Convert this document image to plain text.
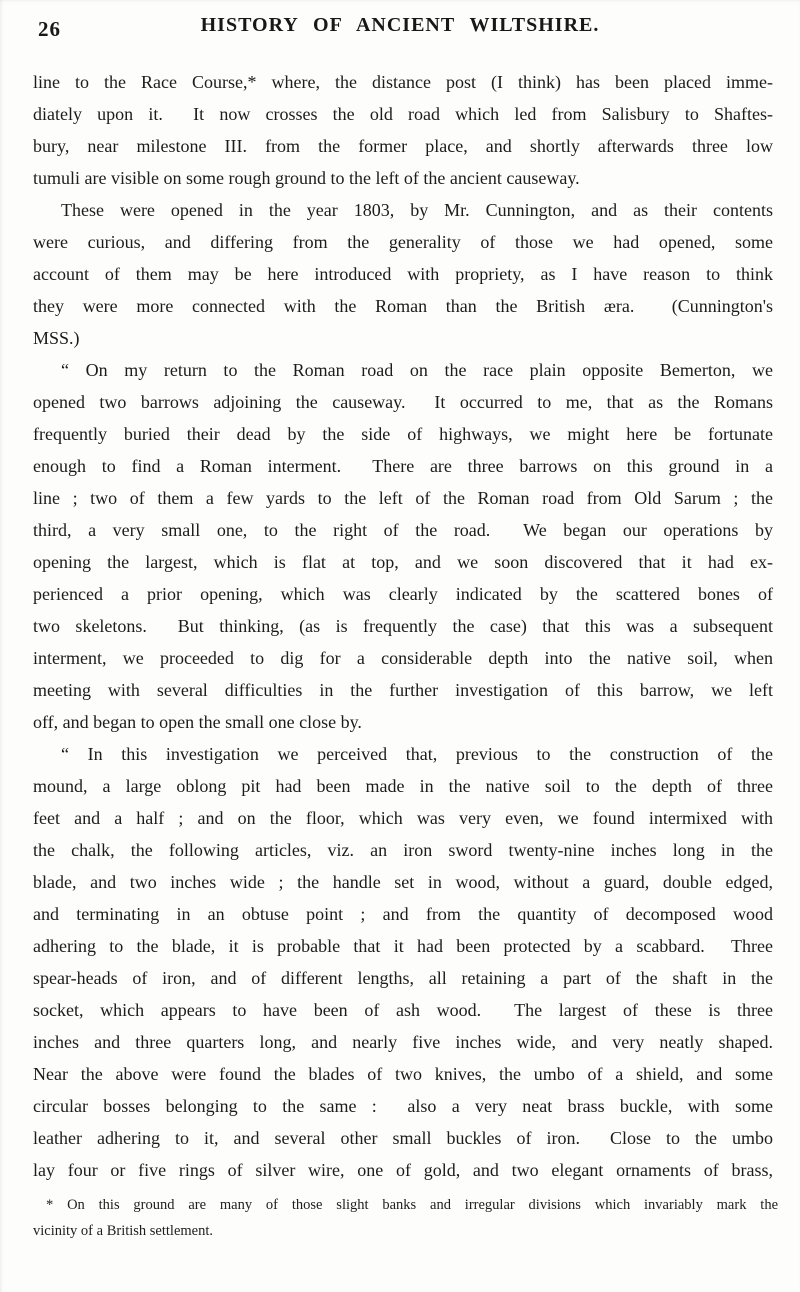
26	HISTORY OF ANCIENT WILTSHIRE.
line to the Race Course,* where, the distance post (I think) has been placed imme-
diately upon it.  It now crosses the old road which led from Salisbury to Shaftes-
bury, near milestone III. from the former place, and shortly afterwards three low
tumuli are visible on some rough ground to the left of the ancient causeway.
These were opened in the year 1803, by Mr. Cunnington, and as their contents
were curious, and differing from the generality of those we had opened, some
account of them may be here introduced with propriety, as I have reason to think
they were more connected with the Roman than the British æra.  (Cunnington's
MSS.)
“ On my return to the Roman road on the race plain opposite Bemerton, we
opened two barrows adjoining the causeway.  It occurred to me, that as the Romans
frequently buried their dead by the side of highways, we might here be fortunate
enough to find a Roman interment.  There are three barrows on this ground in a
line ; two of them a few yards to the left of the Roman road from Old Sarum ; the
third, a very small one, to the right of the road.  We began our operations by
opening the largest, which is flat at top, and we soon discovered that it had ex-
perienced a prior opening, which was clearly indicated by the scattered bones of
two skeletons.  But thinking, (as is frequently the case) that this was a subsequent
interment, we proceeded to dig for a considerable depth into the native soil, when
meeting with several difficulties in the further investigation of this barrow, we left
off, and began to open the small one close by.
“ In this investigation we perceived that, previous to the construction of the
mound, a large oblong pit had been made in the native soil to the depth of three
feet and a half ; and on the floor, which was very even, we found intermixed with
the chalk, the following articles, viz. an iron sword twenty-nine inches long in the
blade, and two inches wide ; the handle set in wood, without a guard, double edged,
and terminating in an obtuse point ; and from the quantity of decomposed wood
adhering to the blade, it is probable that it had been protected by a scabbard.  Three
spear-heads of iron, and of different lengths, all retaining a part of the shaft in the
socket, which appears to have been of ash wood.  The largest of these is three
inches and three quarters long, and nearly five inches wide, and very neatly shaped.
Near the above were found the blades of two knives, the umbo of a shield, and some
circular bosses belonging to the same :  also a very neat brass buckle, with some
leather adhering to it, and several other small buckles of iron.  Close to the umbo
lay four or five rings of silver wire, one of gold, and two elegant ornaments of brass,
* On this ground are many of those slight banks and irregular divisions which invariably mark the
vicinity of a British settlement.
